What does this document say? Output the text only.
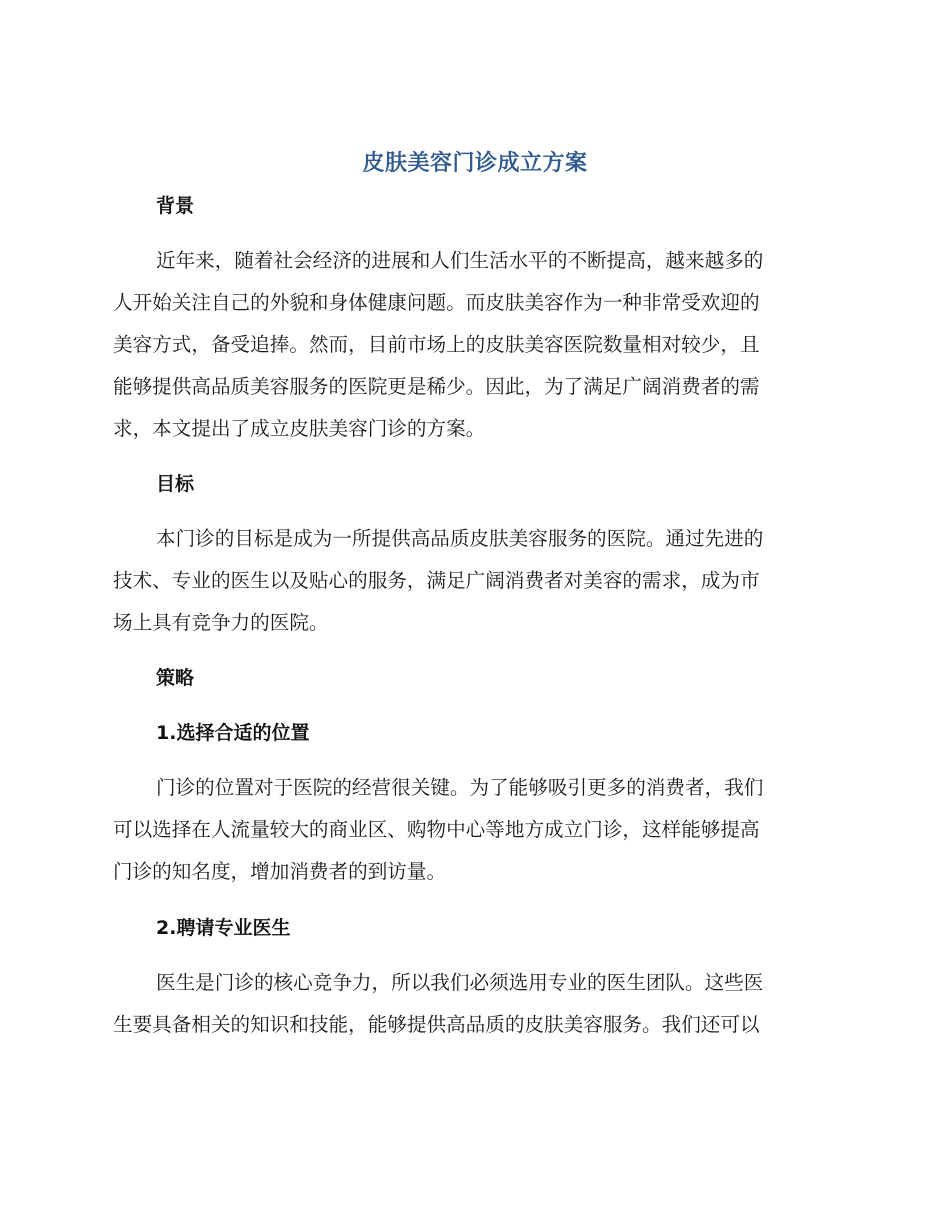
皮肤美容门诊成立方案
背景
近年来，随着社会经济的进展和人们生活水平的不断提高，越来越多的
人开始关注自己的外貌和身体健康问题。而皮肤美容作为一种非常受欢迎的
美容方式，备受追捧。然而，目前市场上的皮肤美容医院数量相对较少，且
能够提供高品质美容服务的医院更是稀少。因此，为了满足广阔消费者的需
求，本文提出了成立皮肤美容门诊的方案。
目标
本门诊的目标是成为一所提供高品质皮肤美容服务的医院。通过先进的
技术、专业的医生以及贴心的服务，满足广阔消费者对美容的需求，成为市
场上具有竞争力的医院。
策略
1.选择合适的位置
门诊的位置对于医院的经营很关键。为了能够吸引更多的消费者，我们
可以选择在人流量较大的商业区、购物中心等地方成立门诊，这样能够提高
门诊的知名度，增加消费者的到访量。
2.聘请专业医生
医生是门诊的核心竞争力，所以我们必须选用专业的医生团队。这些医
生要具备相关的知识和技能，能够提供高品质的皮肤美容服务。我们还可以
